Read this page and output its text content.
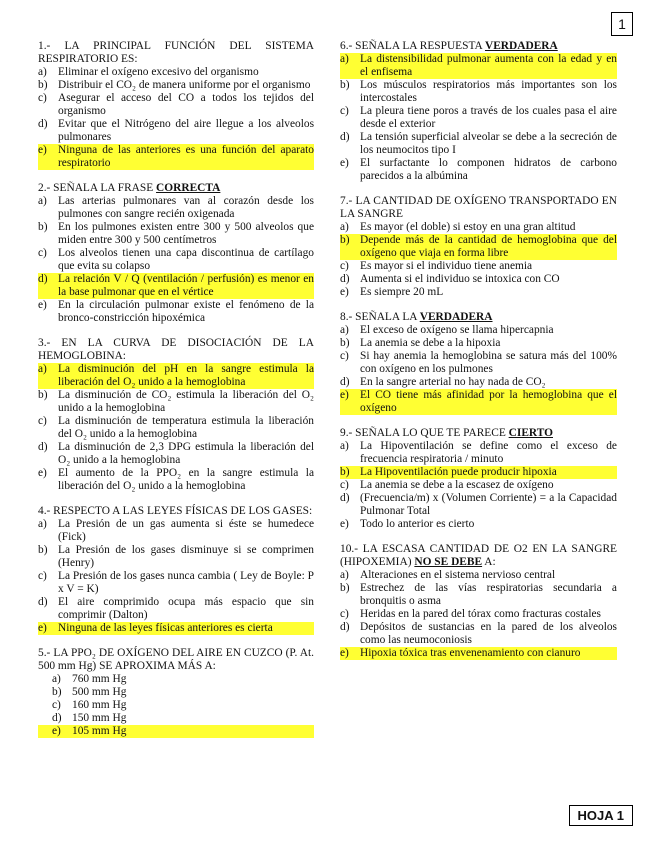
1

1.- LA PRINCIPAL FUNCIÓN DEL SISTEMA RESPIRATORIO ES:

a) Eliminar el oxígeno excesivo del organismo
b) Distribuir el CO₂ de manera uniforme por el organismo
c) Asegurar el acceso del CO a todos los tejidos del organismo
d) Evitar que el Nitrógeno del aire llegue a los alveolos pulmonares
e) Ninguna de las anteriores es una función del aparato respiratorio

2.- SEÑALA LA FRASE CORRECTA

a) Las arterias pulmonares van al corazón desde los pulmones con sangre recién oxigenada
b) En los pulmones existen entre 300 y 500 alveolos que miden entre 300 y 500 centímetros
c) Los alveolos tienen una capa discontinua de cartílago que evita su colapso
d) La relación V / Q (ventilación / perfusión) es menor en la base pulmonar que en el vértice
e) En la circulación pulmonar existe el fenómeno de la bronco-constricción hipoxémica

3.- EN LA CURVA DE DISOCIACIÓN DE LA HEMOGLOBINA:

a) La disminución del pH en la sangre estimula la liberación del O₂ unido a la hemoglobina
b) La disminución de CO₂ estimula la liberación del O₂ unido a la hemoglobina
c) La disminución de temperatura estimula la liberación del O₂ unido a la hemoglobina
d) La disminución de 2,3 DPG estimula la liberación del O₂ unido a la hemoglobina
e) El aumento de la PPO₂ en la sangre estimula la liberación del O₂ unido a la hemoglobina

4.- RESPECTO A LAS LEYES FÍSICAS DE LOS GASES:

a) La Presión de un gas aumenta si éste se humedece (Fick)
b) La Presión de los gases disminuye si se comprimen (Henry)
c) La Presión de los gases nunca cambia ( Ley de Boyle: P x V = K)
d) El aire comprimido ocupa más espacio que sin comprimir (Dalton)
e) Ninguna de las leyes físicas anteriores es cierta

5.- LA PPO₂ DE OXÍGENO DEL AIRE EN CUZCO (P. At. 500 mm Hg) SE APROXIMA MÁS A:

a) 760 mm Hg
b) 500 mm Hg
c) 160 mm Hg
d) 150 mm Hg
e) 105 mm Hg

6.- SEÑALA LA RESPUESTA VERDADERA

a) La distensibilidad pulmonar aumenta con la edad y en el enfisema
b) Los músculos respiratorios más importantes son los intercostales
c) La pleura tiene poros a través de los cuales pasa el aire desde el exterior
d) La tensión superficial alveolar se debe a la secreción de los neumocitos tipo I
e) El surfactante lo componen hidratos de carbono parecidos a la albúmina

7.- LA CANTIDAD DE OXÍGENO TRANSPORTADO EN LA SANGRE

a) Es mayor (el doble) si estoy en una gran altitud
b) Depende más de la cantidad de hemoglobina que del oxígeno que viaja en forma libre
c) Es mayor si el individuo tiene anemia
d) Aumenta si el individuo se intoxica con CO
e) Es siempre 20 mL

8.- SEÑALA LA VERDADERA

a) El exceso de oxígeno se llama hipercapnia
b) La anemia se debe a la hipoxia
c) Si hay anemia la hemoglobina se satura más del 100% con oxígeno en los pulmones
d) En la sangre arterial no hay nada de CO₂
e) El CO tiene más afinidad por la hemoglobina que el oxígeno

9.- SEÑALA LO QUE TE PARECE CIERTO

a) La Hipoventilación se define como el exceso de frecuencia respiratoria / minuto
b) La Hipoventilación puede producir hipoxia
c) La anemia se debe a la escasez de oxígeno
d) (Frecuencia/m) x (Volumen Corriente) = a la Capacidad Pulmonar Total
e) Todo lo anterior es cierto

10.- LA ESCASA CANTIDAD DE O2 EN LA SANGRE (HIPOXEMIA) NO SE DEBE A:

a) Alteraciones en el sistema nervioso central
b) Estrechez de las vías respiratorias secundaria a bronquitis o asma
c) Heridas en la pared del tórax como fracturas costales
d) Depósitos de sustancias en la pared de los alveolos como las neumoconiosis
e) Hipoxia tóxica tras envenenamiento con cianuro
HOJA 1
